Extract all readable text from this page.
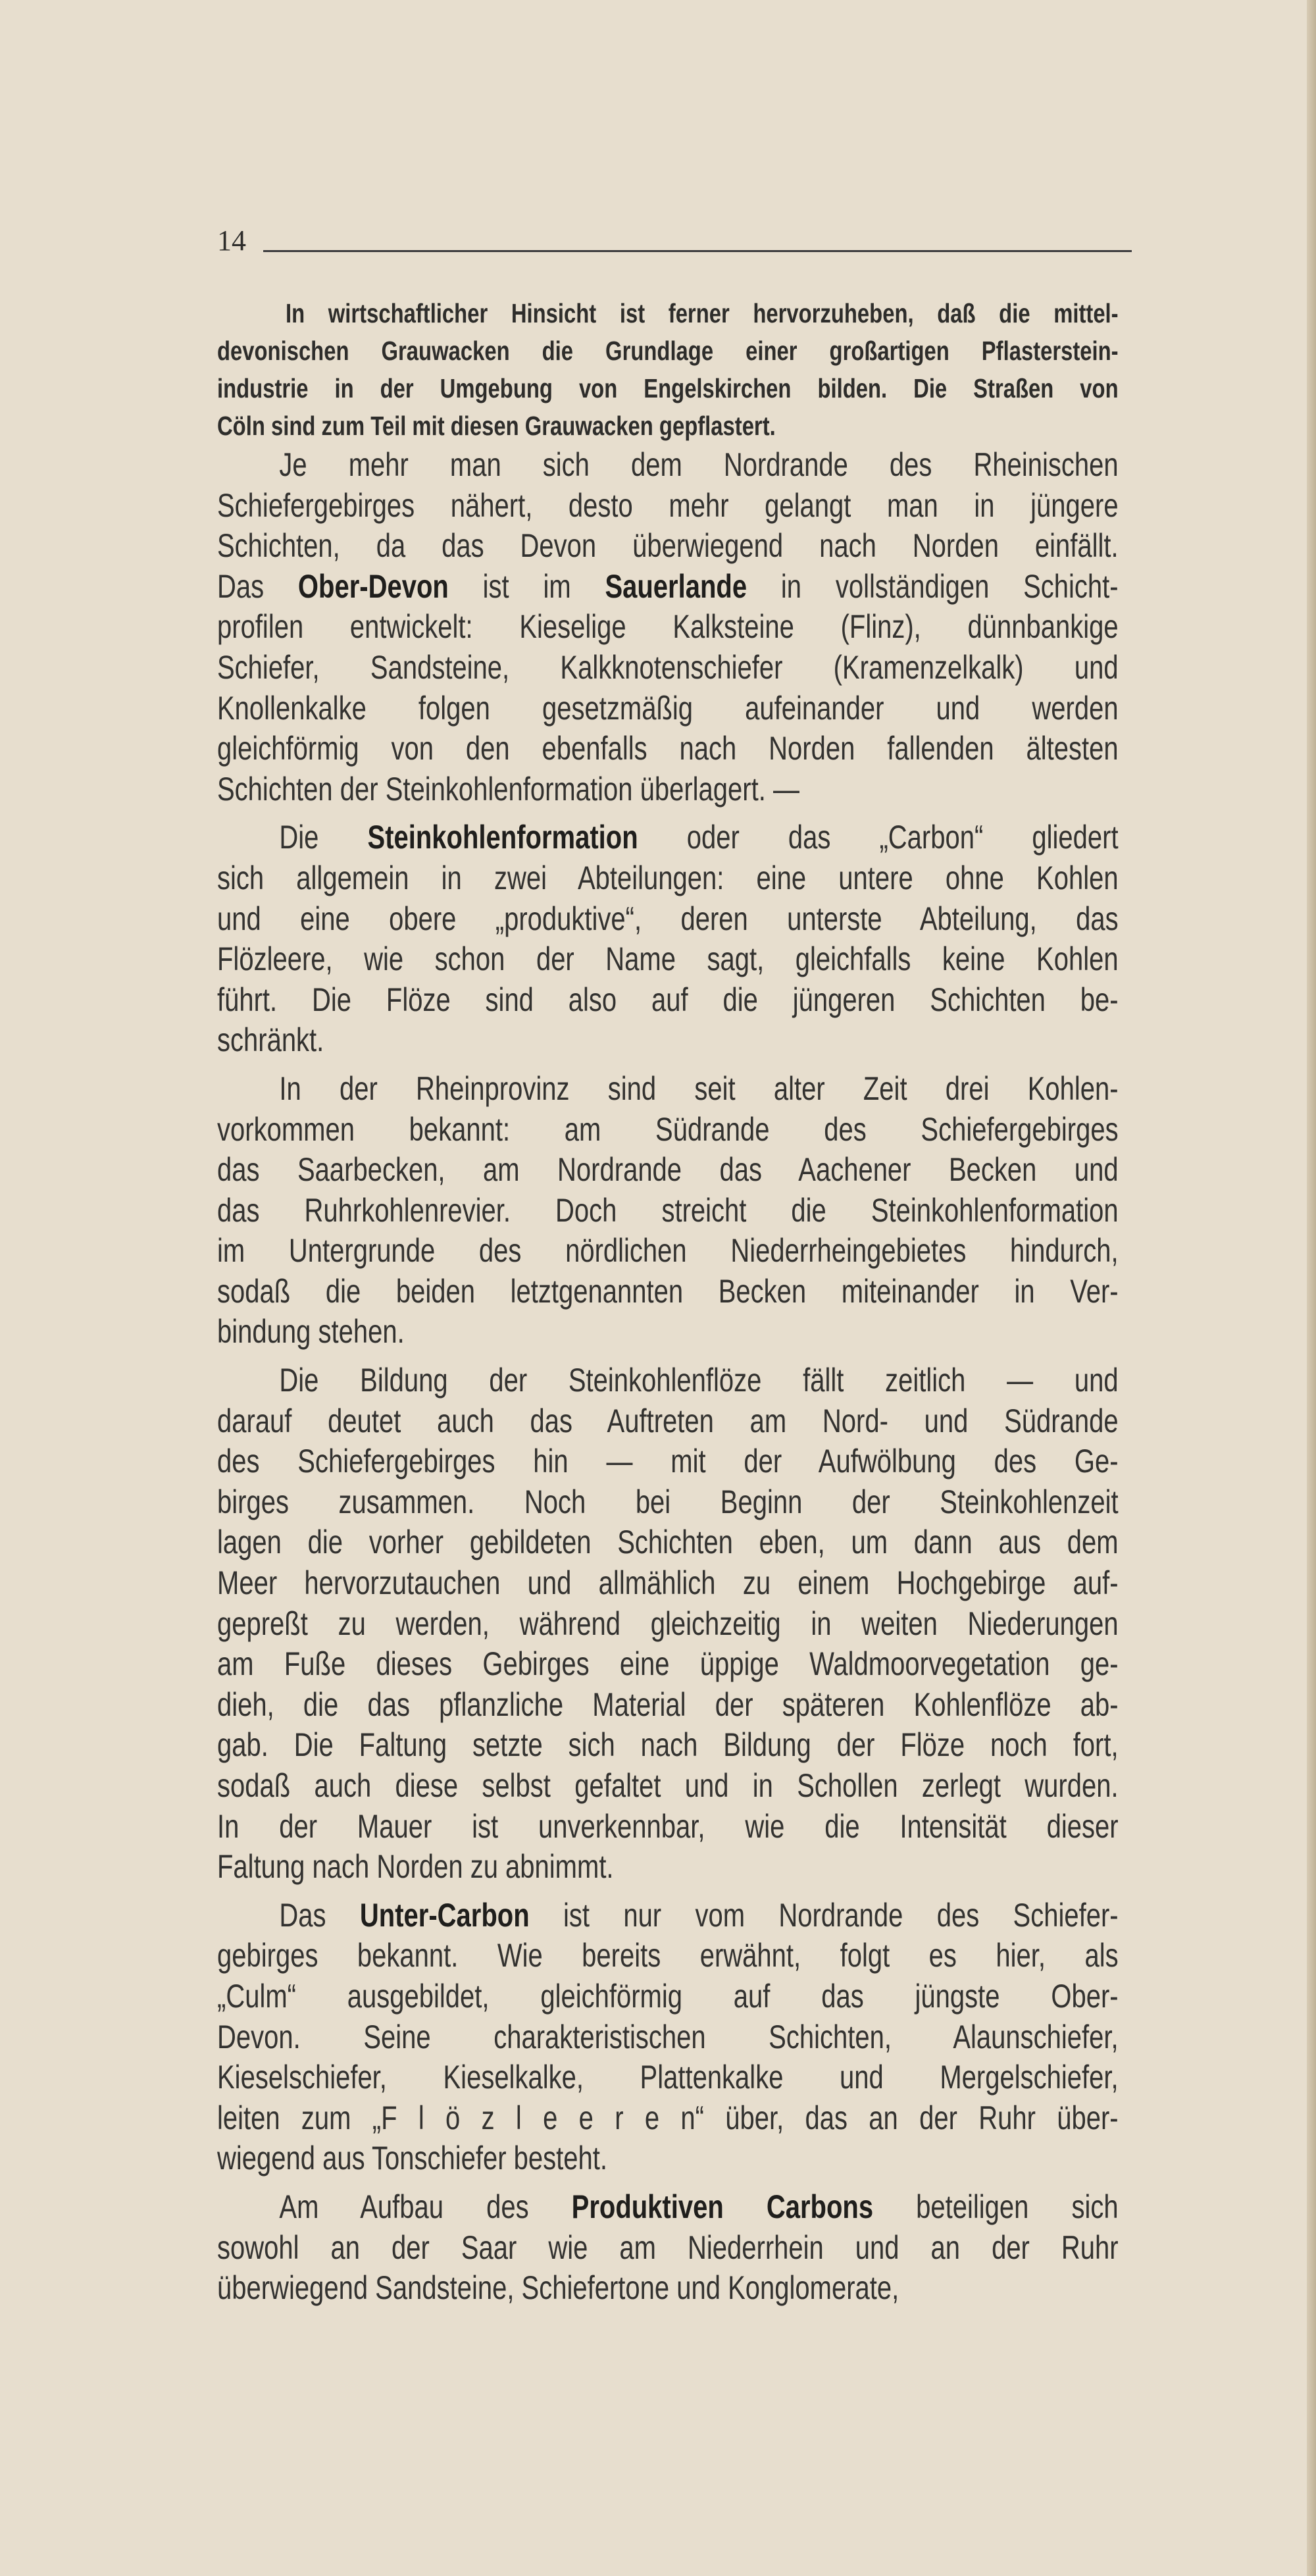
14
In wirtschaftlicher Hinsicht ist ferner hervorzuheben, daß die mittel-
devonischen Grauwacken die Grundlage einer großartigen Pflasterstein-
industrie in der Umgebung von Engelskirchen bilden. Die Straßen von
Cöln sind zum Teil mit diesen Grauwacken gepflastert.
Je mehr man sich dem Nordrande des Rheinischen
Schiefergebirges nähert, desto mehr gelangt man in jüngere
Schichten, da das Devon überwiegend nach Norden einfällt.
Das Ober-Devon ist im Sauerlande in vollständigen Schicht-
profilen entwickelt: Kieselige Kalksteine (Flinz), dünnbankige
Schiefer, Sandsteine, Kalkknotenschiefer (Kramenzelkalk) und
Knollenkalke folgen gesetzmäßig aufeinander und werden
gleichförmig von den ebenfalls nach Norden fallenden ältesten
Schichten der Steinkohlenformation überlagert. —
Die Steinkohlenformation oder das „Carbon“ gliedert
sich allgemein in zwei Abteilungen: eine untere ohne Kohlen
und eine obere „produktive“, deren unterste Abteilung, das
Flözleere, wie schon der Name sagt, gleichfalls keine Kohlen
führt. Die Flöze sind also auf die jüngeren Schichten be-
schränkt.
In der Rheinprovinz sind seit alter Zeit drei Kohlen-
vorkommen bekannt: am Südrande des Schiefergebirges
das Saarbecken, am Nordrande das Aachener Becken und
das Ruhrkohlenrevier. Doch streicht die Steinkohlenformation
im Untergrunde des nördlichen Niederrheingebietes hindurch,
sodaß die beiden letztgenannten Becken miteinander in Ver-
bindung stehen.
Die Bildung der Steinkohlenflöze fällt zeitlich — und
darauf deutet auch das Auftreten am Nord- und Südrande
des Schiefergebirges hin — mit der Aufwölbung des Ge-
birges zusammen. Noch bei Beginn der Steinkohlenzeit
lagen die vorher gebildeten Schichten eben, um dann aus dem
Meer hervorzutauchen und allmählich zu einem Hochgebirge auf-
gepreßt zu werden, während gleichzeitig in weiten Niederungen
am Fuße dieses Gebirges eine üppige Waldmoorvegetation ge-
dieh, die das pflanzliche Material der späteren Kohlenflöze ab-
gab. Die Faltung setzte sich nach Bildung der Flöze noch fort,
sodaß auch diese selbst gefaltet und in Schollen zerlegt wurden.
In der Mauer ist unverkennbar, wie die Intensität dieser
Faltung nach Norden zu abnimmt.
Das Unter-Carbon ist nur vom Nordrande des Schiefer-
gebirges bekannt. Wie bereits erwähnt, folgt es hier, als
„Culm“ ausgebildet, gleichförmig auf das jüngste Ober-
Devon. Seine charakteristischen Schichten, Alaunschiefer,
Kieselschiefer, Kieselkalke, Plattenkalke und Mergelschiefer,
leiten zum „F l ö z l e e r e n“ über, das an der Ruhr über-
wiegend aus Tonschiefer besteht.
Am Aufbau des Produktiven Carbons beteiligen sich
sowohl an der Saar wie am Niederrhein und an der Ruhr
überwiegend Sandsteine, Schiefertone und Konglomerate,
